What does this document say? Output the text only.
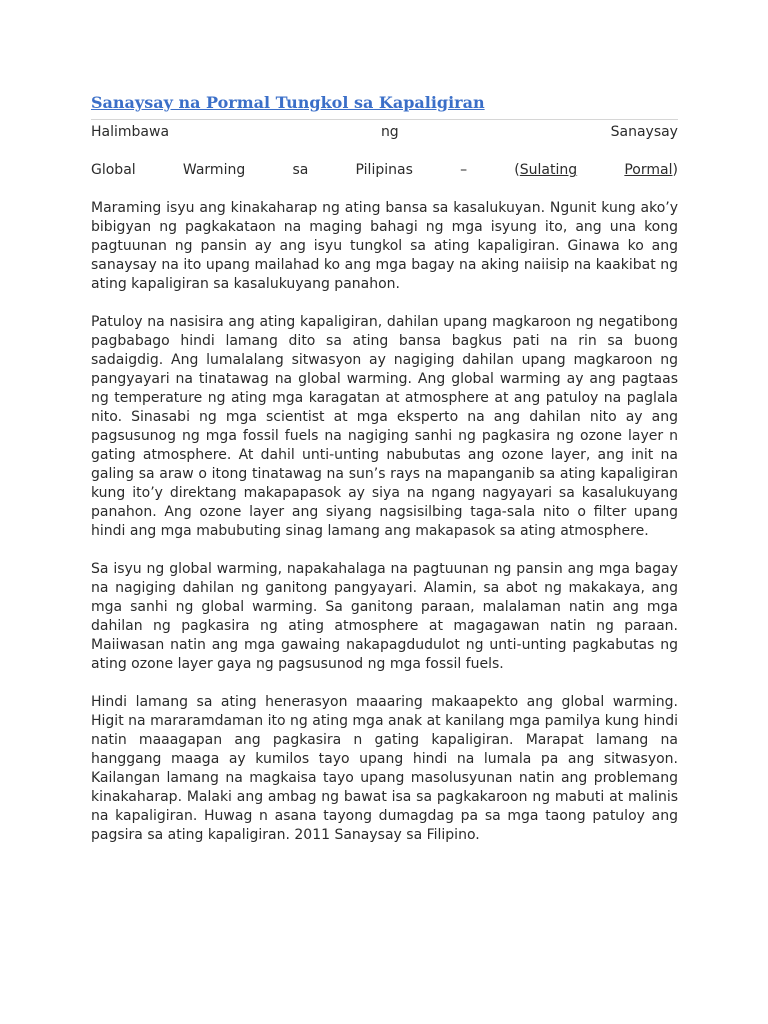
Sanaysay na Pormal Tungkol sa Kapaligiran
Halimbawa	ng	Sanaysay
Global	Warming	sa	Pilipinas	–	(Sulating	Pormal)

Maraming isyu ang kinakaharap ng ating bansa sa kasalukuyan. Ngunit kung ako’y bibigyan ng pagkakataon na maging bahagi ng mga isyung ito, ang una kong pagtuunan ng pansin ay ang isyu tungkol sa ating kapaligiran. Ginawa ko ang sanaysay na ito upang mailahad ko ang mga bagay na aking naiisip na kaakibat ng ating kapaligiran sa kasalukuyang panahon.

Patuloy na nasisira ang ating kapaligiran, dahilan upang magkaroon ng negatibong pagbabago hindi lamang dito sa ating bansa bagkus pati na rin sa buong sadaigdig. Ang lumalalang sitwasyon ay nagiging dahilan upang magkaroon ng pangyayari na tinatawag na global warming. Ang global warming ay ang pagtaas ng temperature ng ating mga karagatan at atmosphere at ang patuloy na paglala nito. Sinasabi ng mga scientist at mga eksperto na ang dahilan nito ay ang pagsusunog ng mga fossil fuels na nagiging sanhi ng pagkasira ng ozone layer n gating atmosphere. At dahil unti-unting nabubutas ang ozone layer, ang init na galing sa araw o itong tinatawag na sun’s rays na mapanganib sa ating kapaligiran kung ito’y direktang makapapasok ay siya na ngang nagyayari sa kasalukuyang panahon. Ang ozone layer ang siyang nagsisilbing taga-sala nito o filter upang hindi ang mga mabubuting sinag lamang ang makapasok sa ating atmosphere.

Sa isyu ng global warming, napakahalaga na pagtuunan ng pansin ang mga bagay na nagiging dahilan ng ganitong pangyayari. Alamin, sa abot ng makakaya, ang mga sanhi ng global warming. Sa ganitong paraan, malalaman natin ang mga dahilan ng pagkasira ng ating atmosphere at magagawan natin ng paraan. Maiiwasan natin ang mga gawaing nakapagdudulot ng unti-unting pagkabutas ng ating ozone layer gaya ng pagsusunod ng mga fossil fuels.

Hindi lamang sa ating henerasyon maaaring makaapekto ang global warming. Higit na mararamdaman ito ng ating mga anak at kanilang mga pamilya kung hindi natin maaagapan ang pagkasira n gating kapaligiran. Marapat lamang na hanggang maaga ay kumilos tayo upang hindi na lumala pa ang sitwasyon. Kailangan lamang na magkaisa tayo upang masolusyunan natin ang problemang kinakaharap. Malaki ang ambag ng bawat isa sa pagkakaroon ng mabuti at malinis na kapaligiran. Huwag n asana tayong dumagdag pa sa mga taong patuloy ang pagsira sa ating kapaligiran. 2011 Sanaysay sa Filipino.
